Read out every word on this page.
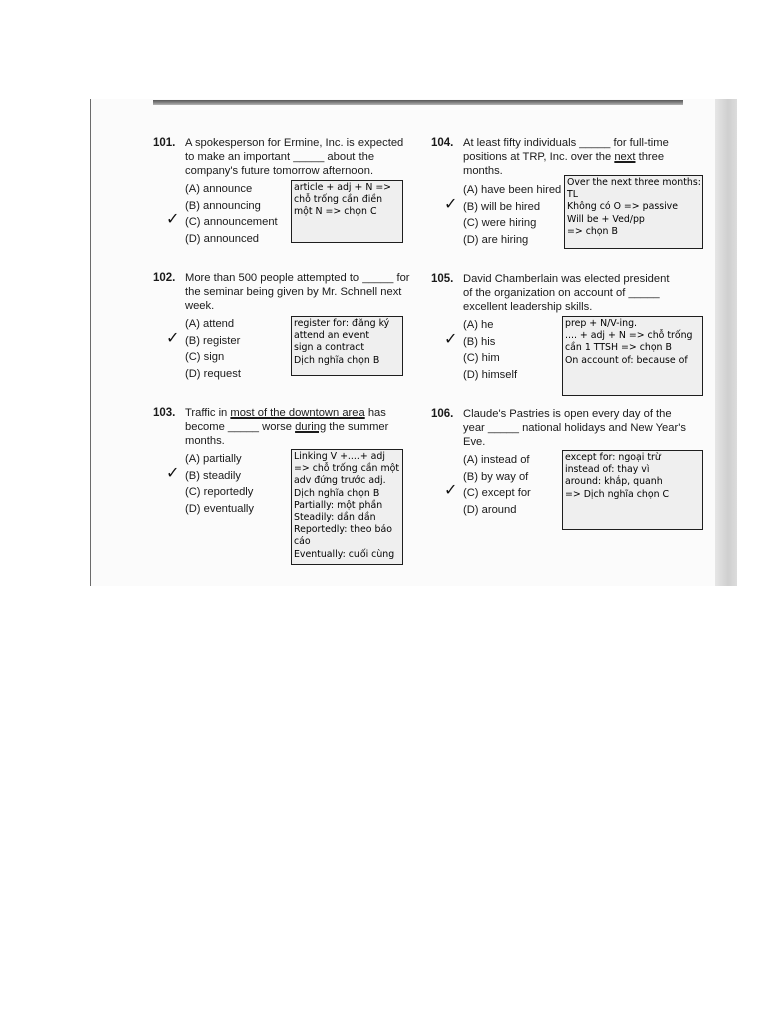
101. A spokesperson for Ermine, Inc. is expected

to make an important _____ about the

company's future tomorrow afternoon.

(A) announce
(B) announcing
✓ (C) announcement
(D) announced
article + adj + N =>
chỗ trống cần điền
một N => chọn C
102. More than 500 people attempted to _____ for

the seminar being given by Mr. Schnell next

week.

(A) attend
✓ (B) register
(C) sign
(D) request
register for: đăng ký
attend an event
sign a contract
Dịch nghĩa chọn B
103. Traffic in most of the downtown area has

become _____ worse during the summer

months.

(A) partially
✓ (B) steadily
(C) reportedly
(D) eventually
Linking V +....+ adj
=> chỗ trống cần một
adv đứng trước adj.
Dịch nghĩa chọn B
Partially: một phần
Steadily: dần dần
Reportedly: theo báo
cáo
Eventually: cuối cùng
104. At least fifty individuals _____ for full-time

positions at TRP, Inc. over the next three

months.

(A) have been hired
✓ (B) will be hired
(C) were hiring
(D) are hiring
Over the next three months:
TL
Không có O => passive
Will be + Ved/pp
=> chọn B
105. David Chamberlain was elected president

of the organization on account of _____

excellent leadership skills.

(A) he
✓ (B) his
(C) him
(D) himself
prep + N/V-ing.
.... + adj + N => chỗ trống
cần 1 TTSH => chọn B
On account of: because of
106. Claude's Pastries is open every day of the

year _____ national holidays and New Year's

Eve.

(A) instead of
(B) by way of
✓ (C) except for
(D) around
except for: ngoại trừ
instead of: thay vì
around: khắp, quanh
=> Dịch nghĩa chọn C
